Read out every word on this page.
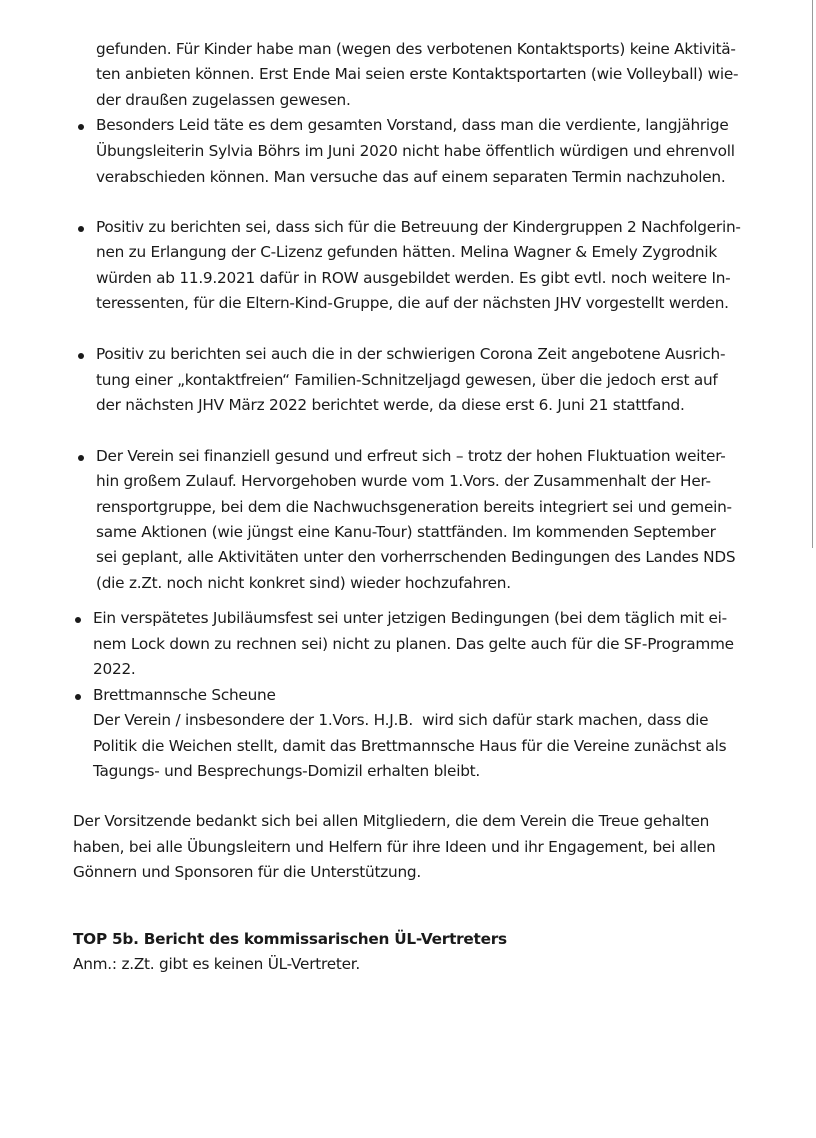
gefunden. Für Kinder habe man (wegen des verbotenen Kontaktsports) keine Aktivitä-
ten anbieten können. Erst Ende Mai seien erste Kontaktsportarten (wie Volleyball) wie-
der draußen zugelassen gewesen.
Besonders Leid täte es dem gesamten Vorstand, dass man die verdiente, langjährige
Übungsleiterin Sylvia Böhrs im Juni 2020 nicht habe öffentlich würdigen und ehrenvoll
verabschieden können. Man versuche das auf einem separaten Termin nachzuholen.
Positiv zu berichten sei, dass sich für die Betreuung der Kindergruppen 2 Nachfolgerin-
nen zu Erlangung der C-Lizenz gefunden hätten. Melina Wagner & Emely Zygrodnik
würden ab 11.9.2021 dafür in ROW ausgebildet werden. Es gibt evtl. noch weitere In-
teressenten, für die Eltern-Kind-Gruppe, die auf der nächsten JHV vorgestellt werden.
Positiv zu berichten sei auch die in der schwierigen Corona Zeit angebotene Ausrich-
tung einer „kontaktfreien“ Familien-Schnitzeljagd gewesen, über die jedoch erst auf
der nächsten JHV März 2022 berichtet werde, da diese erst 6. Juni 21 stattfand.
Der Verein sei finanziell gesund und erfreut sich – trotz der hohen Fluktuation weiter-
hin großem Zulauf. Hervorgehoben wurde vom 1.Vors. der Zusammenhalt der Her-
rensportgruppe, bei dem die Nachwuchsgeneration bereits integriert sei und gemein-
same Aktionen (wie jüngst eine Kanu-Tour) stattfänden. Im kommenden September
sei geplant, alle Aktivitäten unter den vorherrschenden Bedingungen des Landes NDS
(die z.Zt. noch nicht konkret sind) wieder hochzufahren.
Ein verspätetes Jubiläumsfest sei unter jetzigen Bedingungen (bei dem täglich mit ei-
nem Lock down zu rechnen sei) nicht zu planen. Das gelte auch für die SF-Programme
2022.
Brettmannsche Scheune
Der Verein / insbesondere der 1.Vors. H.J.B.  wird sich dafür stark machen, dass die
Politik die Weichen stellt, damit das Brettmannsche Haus für die Vereine zunächst als
Tagungs- und Besprechungs-Domizil erhalten bleibt.
Der Vorsitzende bedankt sich bei allen Mitgliedern, die dem Verein die Treue gehalten
haben, bei alle Übungsleitern und Helfern für ihre Ideen und ihr Engagement, bei allen
Gönnern und Sponsoren für die Unterstützung.
TOP 5b. Bericht des kommissarischen ÜL-Vertreters
Anm.: z.Zt. gibt es keinen ÜL-Vertreter.
